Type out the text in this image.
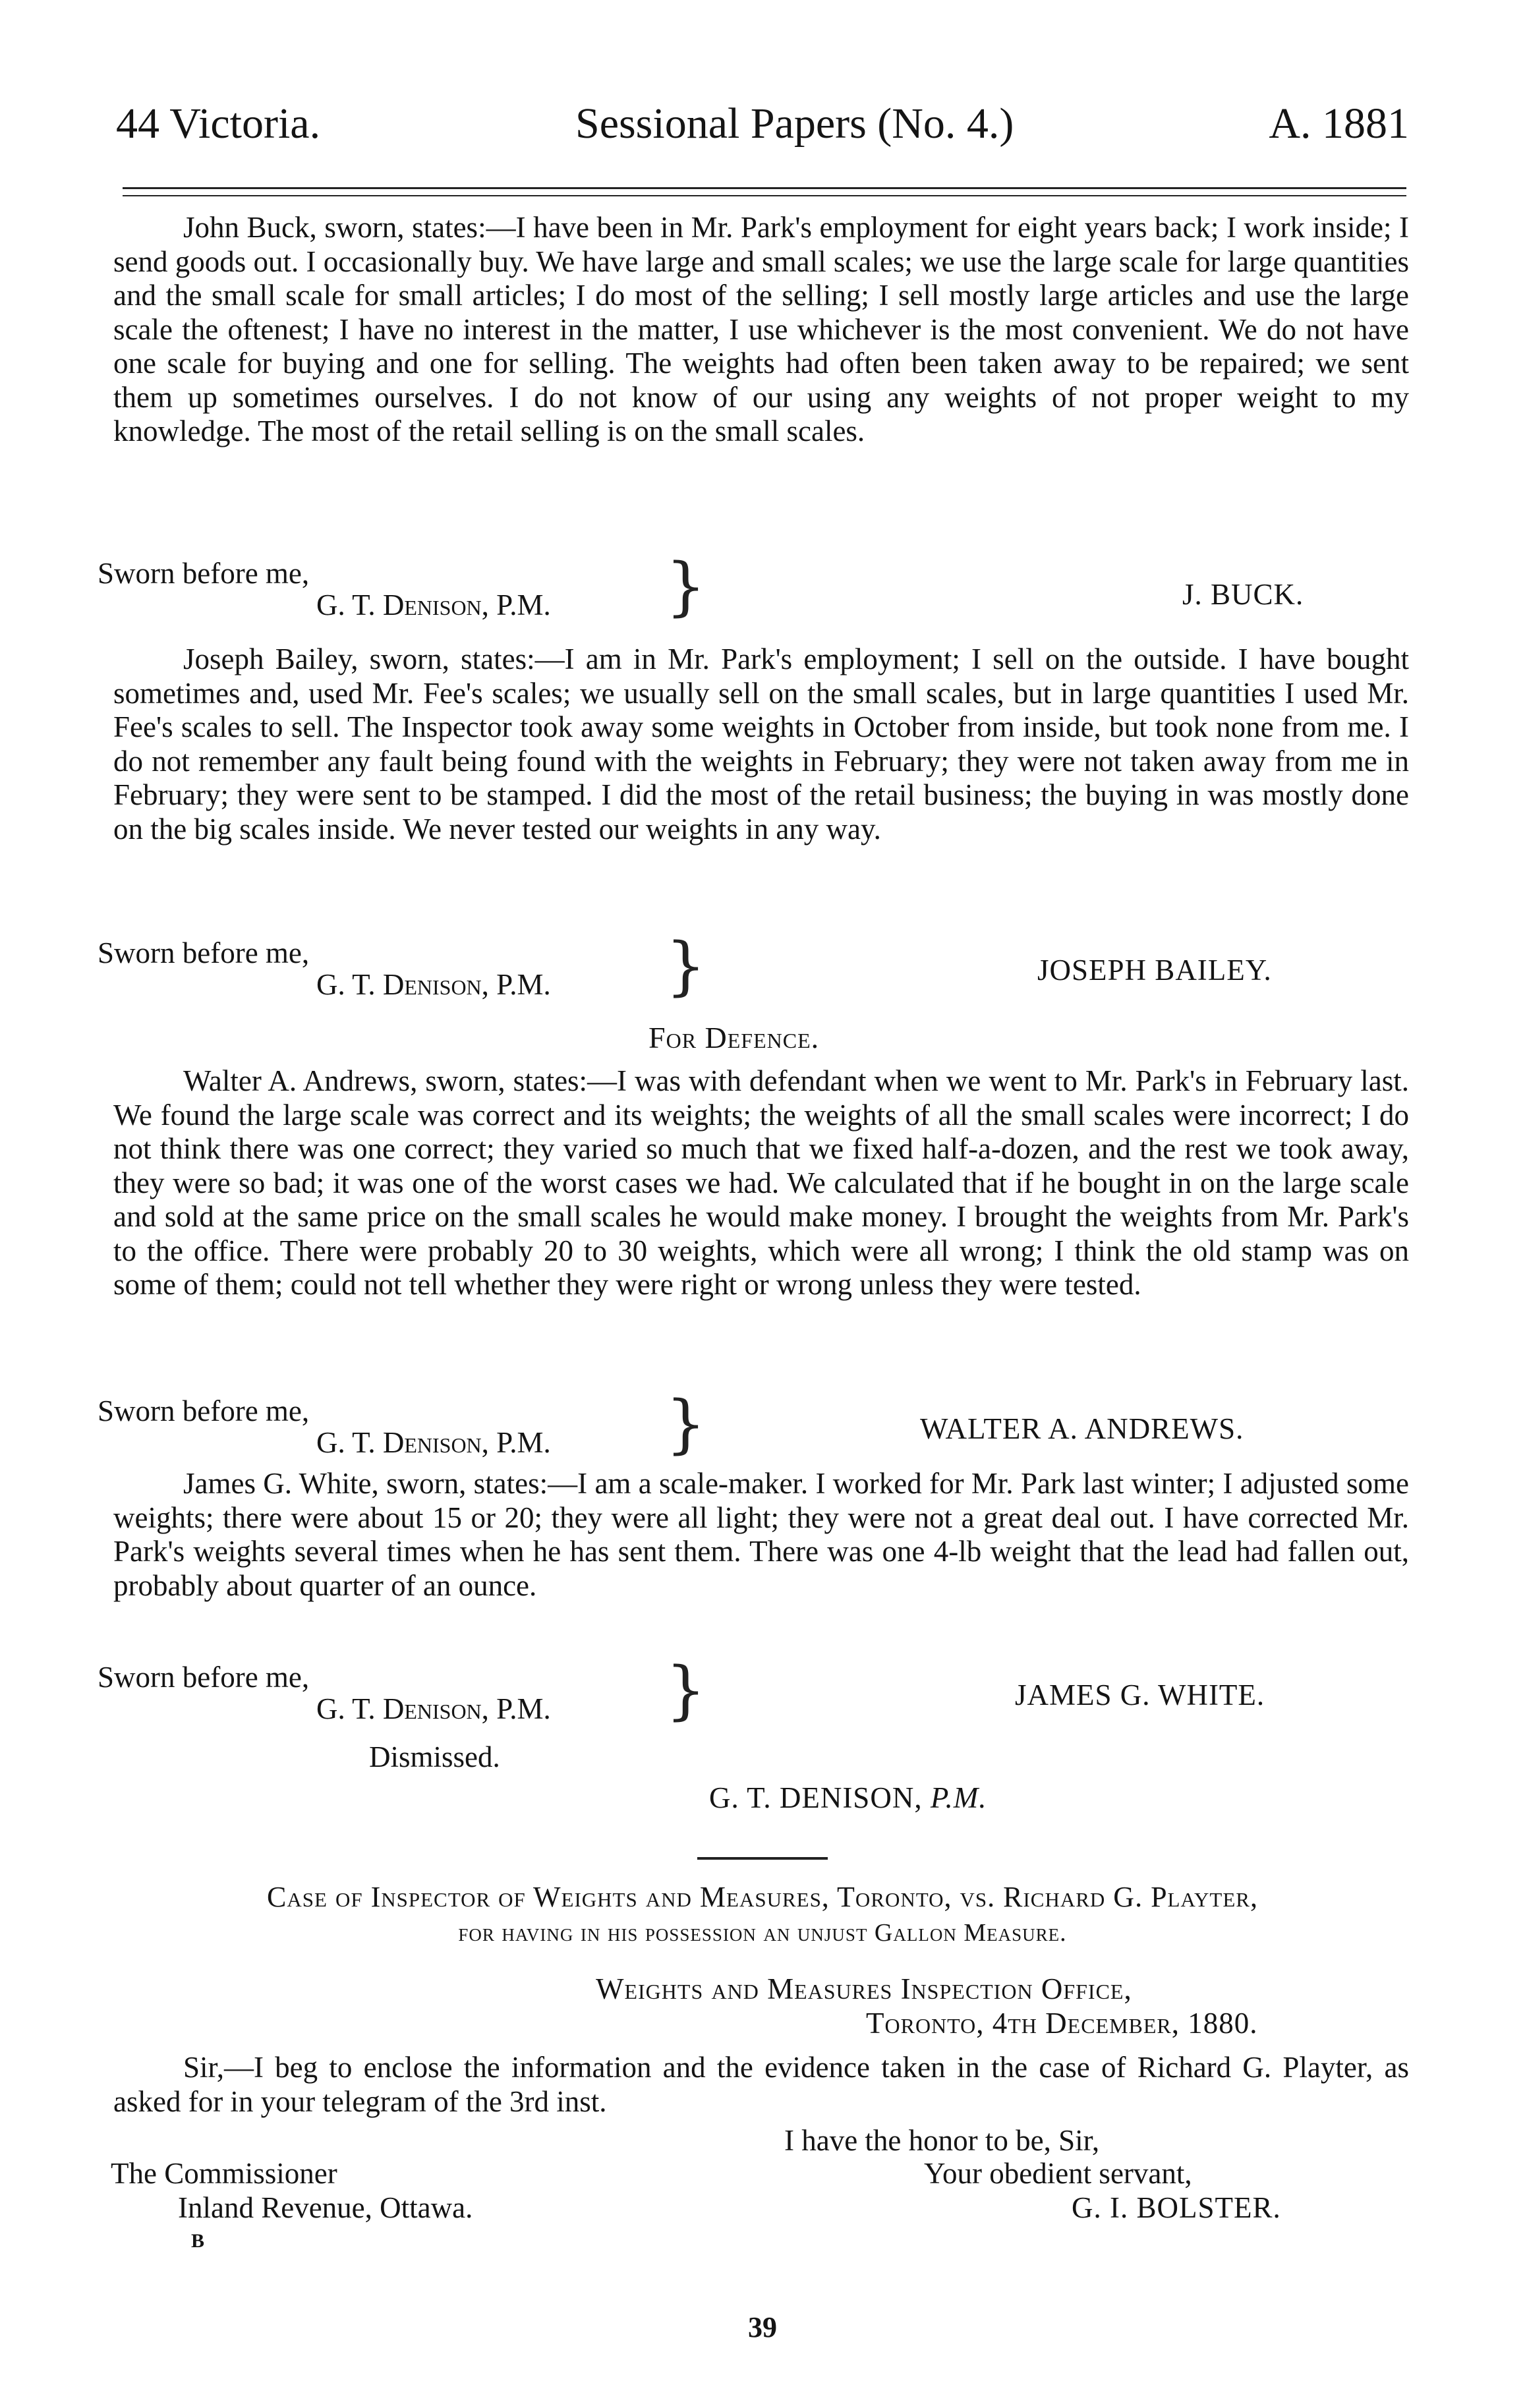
44 Victoria.	Sessional Papers (No. 4.)	A. 1881

John Buck, sworn, states:—I have been in Mr. Park's employment for eight years back; I work inside; I send goods out. I occasionally buy. We have large and small scales; we use the large scale for large quantities and the small scale for small articles; I do most of the selling; I sell mostly large articles and use the large scale the oftenest; I have no interest in the matter, I use whichever is the most convenient. We do not have one scale for buying and one for selling. The weights had often been taken away to be repaired; we sent them up sometimes ourselves. I do not know of our using any weights of not proper weight to my knowledge. The most of the retail selling is on the small scales.

Sworn before me,
G. T. Denison, P.M. }	J. BUCK.

Joseph Bailey, sworn, states:—I am in Mr. Park's employment; I sell on the outside. I have bought sometimes and, used Mr. Fee's scales; we usually sell on the small scales, but in large quantities I used Mr. Fee's scales to sell. The Inspector took away some weights in October from inside, but took none from me. I do not remember any fault being found with the weights in February; they were not taken away from me in February; they were sent to be stamped. I did the most of the retail business; the buying in was mostly done on the big scales inside. We never tested our weights in any way.

Sworn before me,
G. T. Denison, P.M. }	JOSEPH BAILEY.
For Defence.

Walter A. Andrews, sworn, states:—I was with defendant when we went to Mr. Park's in February last. We found the large scale was correct and its weights; the weights of all the small scales were incorrect; I do not think there was one correct; they varied so much that we fixed half-a-dozen, and the rest we took away, they were so bad; it was one of the worst cases we had. We calculated that if he bought in on the large scale and sold at the same price on the small scales he would make money. I brought the weights from Mr. Park's to the office. There were probably 20 to 30 weights, which were all wrong; I think the old stamp was on some of them; could not tell whether they were right or wrong unless they were tested.

Sworn before me,
G. T. Denison, P.M. }	WALTER A. ANDREWS.

James G. White, sworn, states:—I am a scale-maker. I worked for Mr. Park last winter; I adjusted some weights; there were about 15 or 20; they were all light; they were not a great deal out. I have corrected Mr. Park's weights several times when he has sent them. There was one 4-lb weight that the lead had fallen out, probably about quarter of an ounce.

Sworn before me,
G. T. Denison, P.M. }	JAMES G. WHITE.
Dismissed.
G. T. DENISON, P.M.
Case of Inspector of Weights and Measures, Toronto, vs. Richard G. Playter,
for having in his possession an unjust Gallon Measure.
Weights and Measures Inspection Office,
Toronto, 4th December, 1880.

Sir,—I beg to enclose the information and the evidence taken in the case of Richard G. Playter, as asked for in your telegram of the 3rd inst.

I have the honor to be, Sir,
The Commissioner	Your obedient servant,
Inland Revenue, Ottawa.	G. I. BOLSTER.
B
39
